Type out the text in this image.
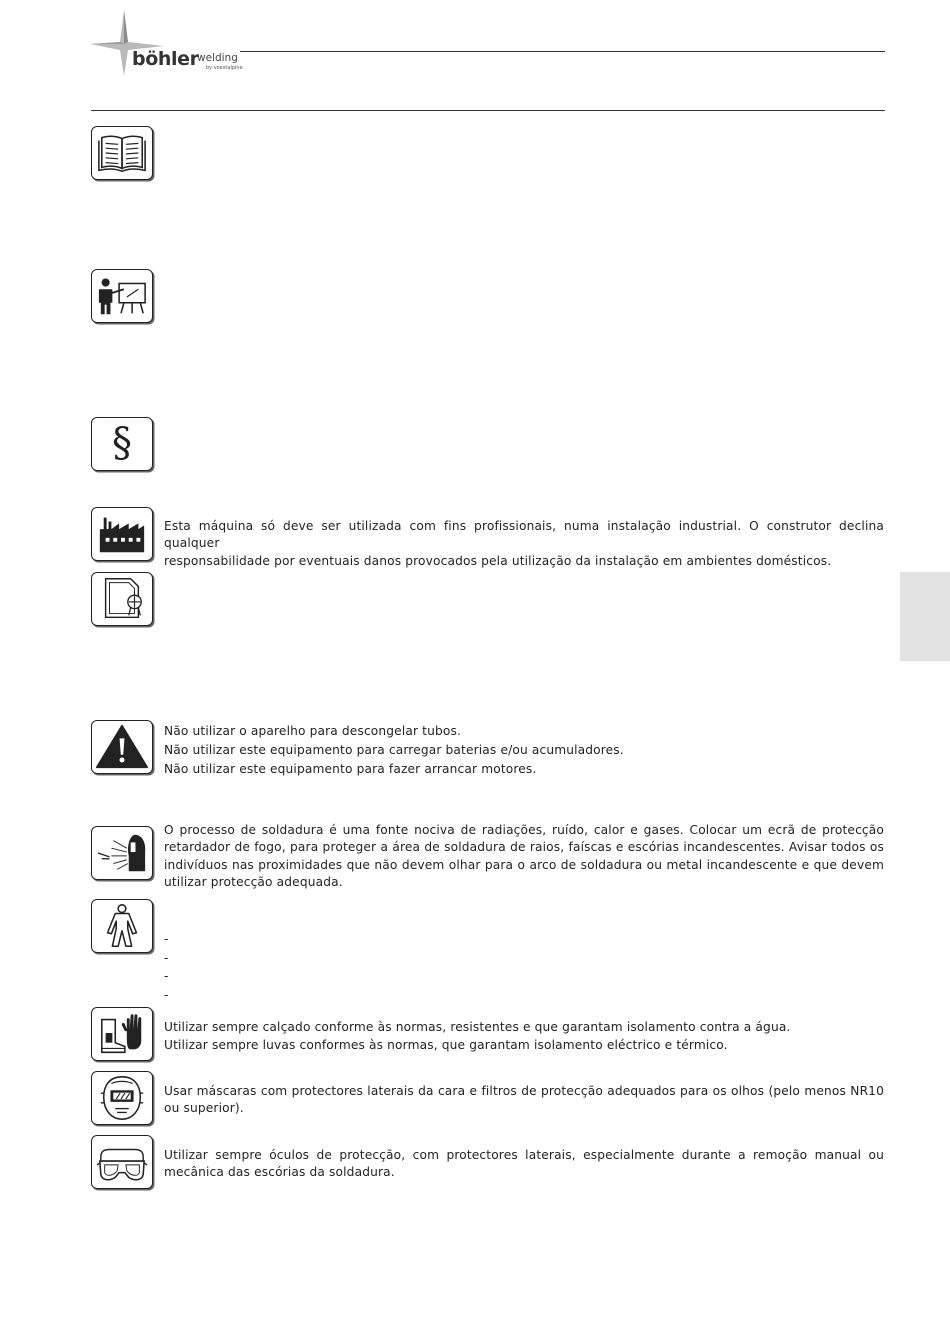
böhler
welding
by voestalpine
§
Esta máquina só deve ser utilizada com fins profissionais, numa instalação industrial. O construtor declina qualquer
responsabilidade por eventuais danos provocados pela utilização da instalação em ambientes domésticos.
Não utilizar o aparelho para descongelar tubos.
Não utilizar este equipamento para carregar baterias e/ou acumuladores.
Não utilizar este equipamento para fazer arrancar motores.
O processo de soldadura é uma fonte nociva de radiações, ruído, calor e gases. Colocar um ecrã de protecção
retardador de fogo, para proteger a área de soldadura de raios, faíscas e escórias incandescentes. Avisar todos os
indivíduos nas proximidades que não devem olhar para o arco de soldadura ou metal incandescente e que devem
utilizar protecção adequada.
-
-
-
-
Utilizar sempre calçado conforme às normas, resistentes e que garantam isolamento contra a água.
Utilizar sempre luvas conformes às normas, que garantam isolamento eléctrico e térmico.
Usar máscaras com protectores laterais da cara e filtros de protecção adequados para os olhos (pelo menos NR10
ou superior).
Utilizar sempre óculos de protecção, com protectores laterais, especialmente durante a remoção manual ou
mecânica das escórias da soldadura.
